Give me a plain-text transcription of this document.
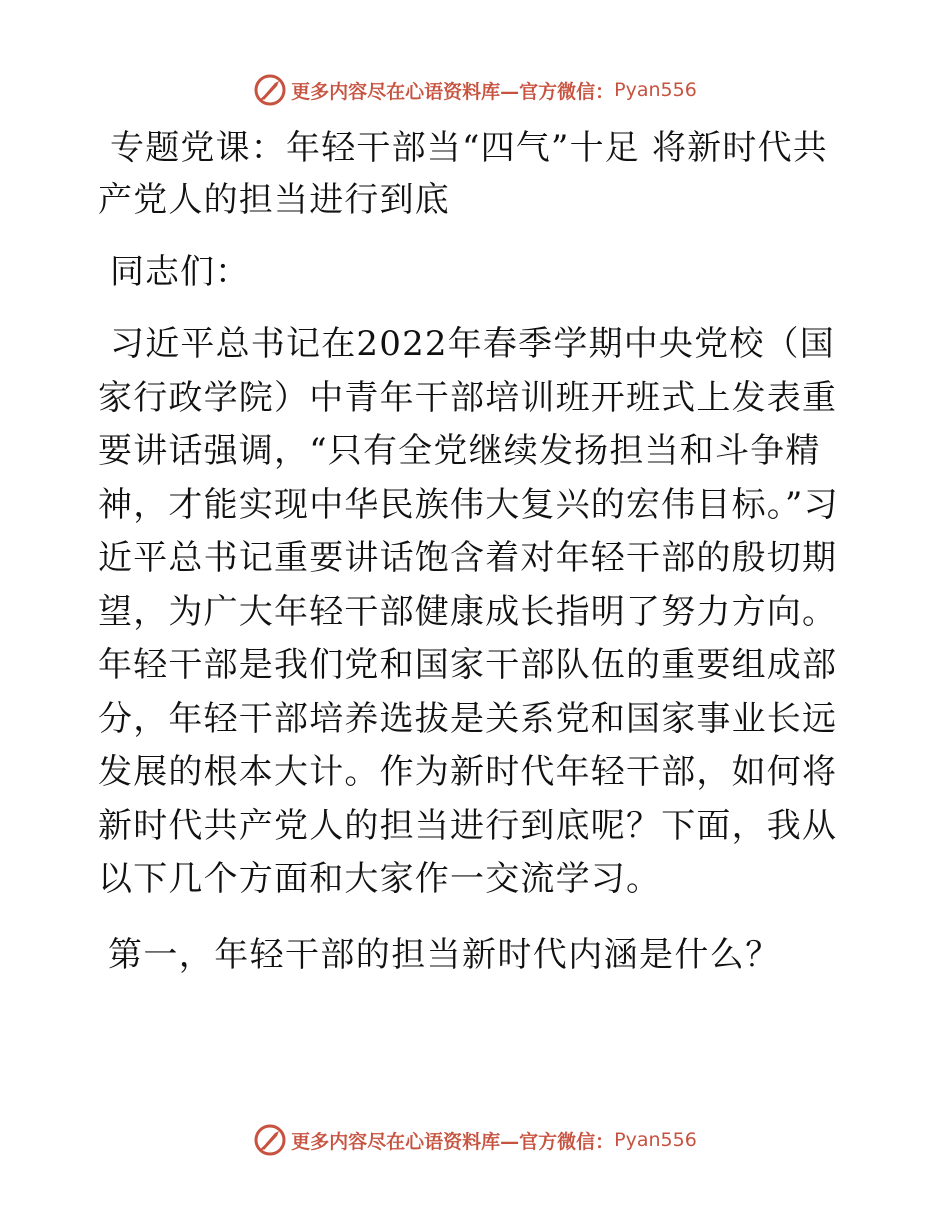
更多内容尽在心语资料库—官方微信： Pyan556
专题党课：年轻干部当“四气”十足 将新时代共
产党人的担当进行到底
同志们：

习近平总书记在2022年春季学期中央党校（国家行政学院）中青年干部培训班开班式上发表重要讲话强调，“只有全党继续发扬担当和斗争精神，才能实现中华民族伟大复兴的宏伟目标。”习近平总书记重要讲话饱含着对年轻干部的殷切期望，为广大年轻干部健康成长指明了努力方向。年轻干部是我们党和国家干部队伍的重要组成部分，年轻干部培养选拔是关系党和国家事业长远发展的根本大计。作为新时代年轻干部，如何将新时代共产党人的担当进行到底呢？下面，我从以下几个方面和大家作一交流学习。

第一，年轻干部的担当新时代内涵是什么？
更多内容尽在心语资料库—官方微信： Pyan556
